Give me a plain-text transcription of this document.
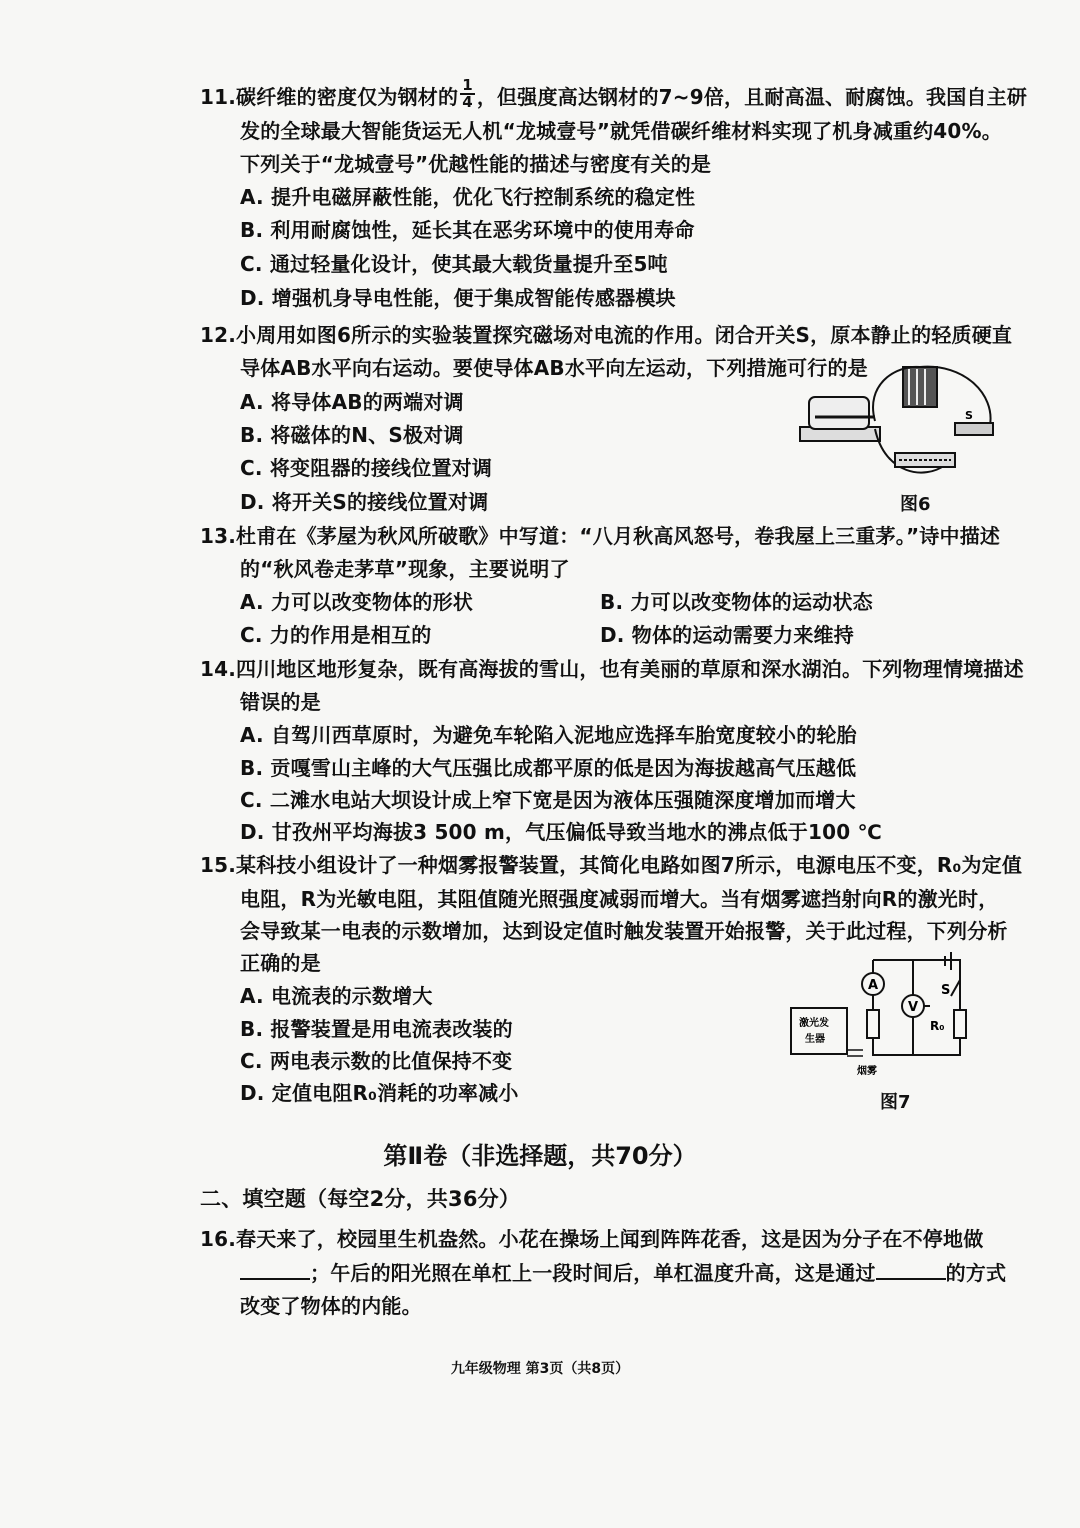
11.碳纤维的密度仅为钢材的 $\frac{1}{4}$ ，但强度高达钢材的7~9倍，且耐高温、耐腐蚀。我国自主研
发的全球最大智能货运无人机“龙城壹号”就凭借碳纤维材料实现了机身减重约40%。
下列关于“龙城壹号”优越性能的描述与密度有关的是
A. 提升电磁屏蔽性能，优化飞行控制系统的稳定性
B. 利用耐腐蚀性，延长其在恶劣环境中的使用寿命
C. 通过轻量化设计，使其最大载货量提升至5吨
D. 增强机身导电性能，便于集成智能传感器模块
12.小周用如图6所示的实验装置探究磁场对电流的作用。闭合开关S，原本静止的轻质硬直
导体AB水平向右运动。要使导体AB水平向左运动，下列措施可行的是
A. 将导体AB的两端对调
B. 将磁体的N、S极对调
C. 将变阻器的接线位置对调
D. 将开关S的接线位置对调
S
图6
13.杜甫在《茅屋为秋风所破歌》中写道：“八月秋高风怒号，卷我屋上三重茅。”诗中描述
的“秋风卷走茅草”现象，主要说明了
A. 力可以改变物体的形状	B. 力可以改变物体的运动状态
C. 力的作用是相互的	D. 物体的运动需要力来维持
14.四川地区地形复杂，既有高海拔的雪山，也有美丽的草原和深水湖泊。下列物理情境描述
错误的是
A. 自驾川西草原时，为避免车轮陷入泥地应选择车胎宽度较小的轮胎
B. 贡嘎雪山主峰的大气压强比成都平原的低是因为海拔越高气压越低
C. 二滩水电站大坝设计成上窄下宽是因为液体压强随深度增加而增大
D. 甘孜州平均海拔3 500 m，气压偏低导致当地水的沸点低于100 ℃
15.某科技小组设计了一种烟雾报警装置，其简化电路如图7所示，电源电压不变，R₀为定值
电阻，R为光敏电阻，其阻值随光照强度减弱而增大。当有烟雾遮挡射向R的激光时，
会导致某一电表的示数增加，达到设定值时触发装置开始报警，关于此过程，下列分析
正确的是
A. 电流表的示数增大
B. 报警装置是用电流表改装的
C. 两电表示数的比值保持不变
D. 定值电阻R₀消耗的功率减小
激光发
生器
烟雾
A
V
R₀
S
图7
第Ⅱ卷（非选择题，共70分）
二、填空题（每空2分，共36分）
16.春天来了，校园里生机盎然。小花在操场上闻到阵阵花香，这是因为分子在不停地做
；午后的阳光照在单杠上一段时间后，单杠温度升高，这是通过	的方式
改变了物体的内能。
九年级物理 第3页（共8页）
